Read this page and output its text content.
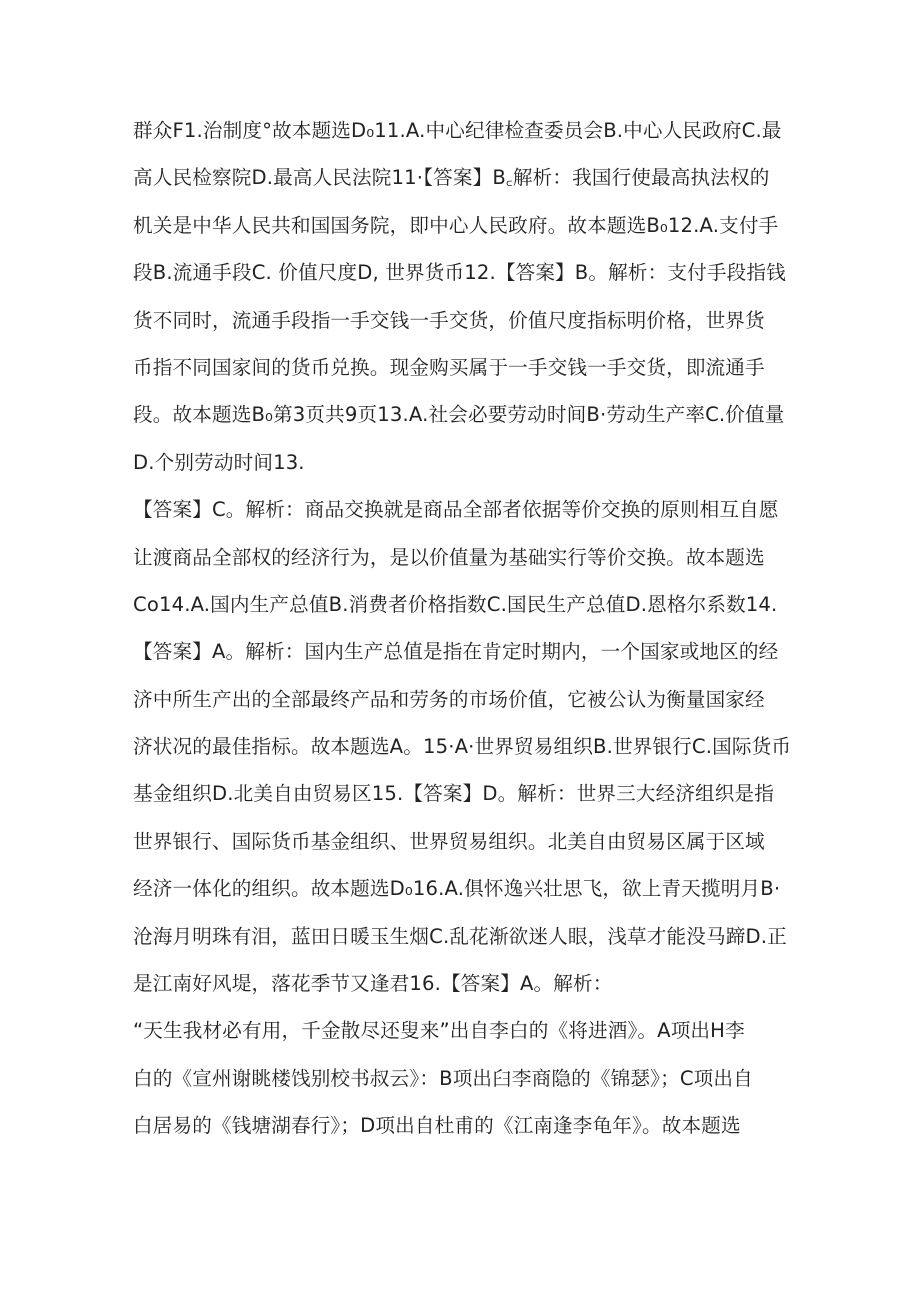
群众F1.治制度°故本题选D₀11.A.中心纪律检查委员会B.中心人民政府C.最
高人民检察院D.最高人民法院11·【答案】B꜀解析：我国行使最高执法权的
机关是中华人民共和国国务院，即中心人民政府。故本题选B₀12.A.支付手
段B.流通手段C. 价值尺度D, 世界货币12.【答案】B。解析：支付手段指钱
货不同时，流通手段指一手交钱一手交货，价值尺度指标明价格，世界货
币指不同国家间的货币兑换。现金购买属于一手交钱一手交货，即流通手
段。故本题选B₀第3页共9页13.A.社会必要劳动时间B·劳动生产率C.价值量
D.个别劳动时间13.
【答案】C。解析：商品交换就是商品全部者依据等价交换的原则相互自愿
让渡商品全部权的经济行为，是以价值量为基础实行等价交换。故本题选
Co14.A.国内生产总值B.消费者价格指数C.国民生产总值D.恩格尔系数14.
【答案】A。解析：国内生产总值是指在肯定时期内，一个国家或地区的经
济中所生产出的全部最终产品和劳务的市场价值，它被公认为衡量国家经
济状况的最佳指标。故本题选A。15·A·世界贸易组织B.世界银行C.国际货币
基金组织D.北美自由贸易区15.【答案】D。解析：世界三大经济组织是指
世界银行、国际货币基金组织、世界贸易组织。北美自由贸易区属于区域
经济一体化的组织。故本题选D₀16.A.俱怀逸兴壮思飞，欲上青天揽明月B·
沧海月明珠有泪，蓝田日暖玉生烟C.乱花渐欲迷人眼，浅草才能没马蹄D.正
是江南好风堤，落花季节又逢君16.【答案】A。解析：
“天生我材必有用，千金散尽还叟来”出自李白的《将进酒》。A项出H李
白的《宣州谢眺楼饯别校书叔云》：B项出臼李商隐的《锦瑟》；C项出自
白居易的《钱塘湖春行》；D项出自杜甫的《江南逢李龟年》。故本题选
